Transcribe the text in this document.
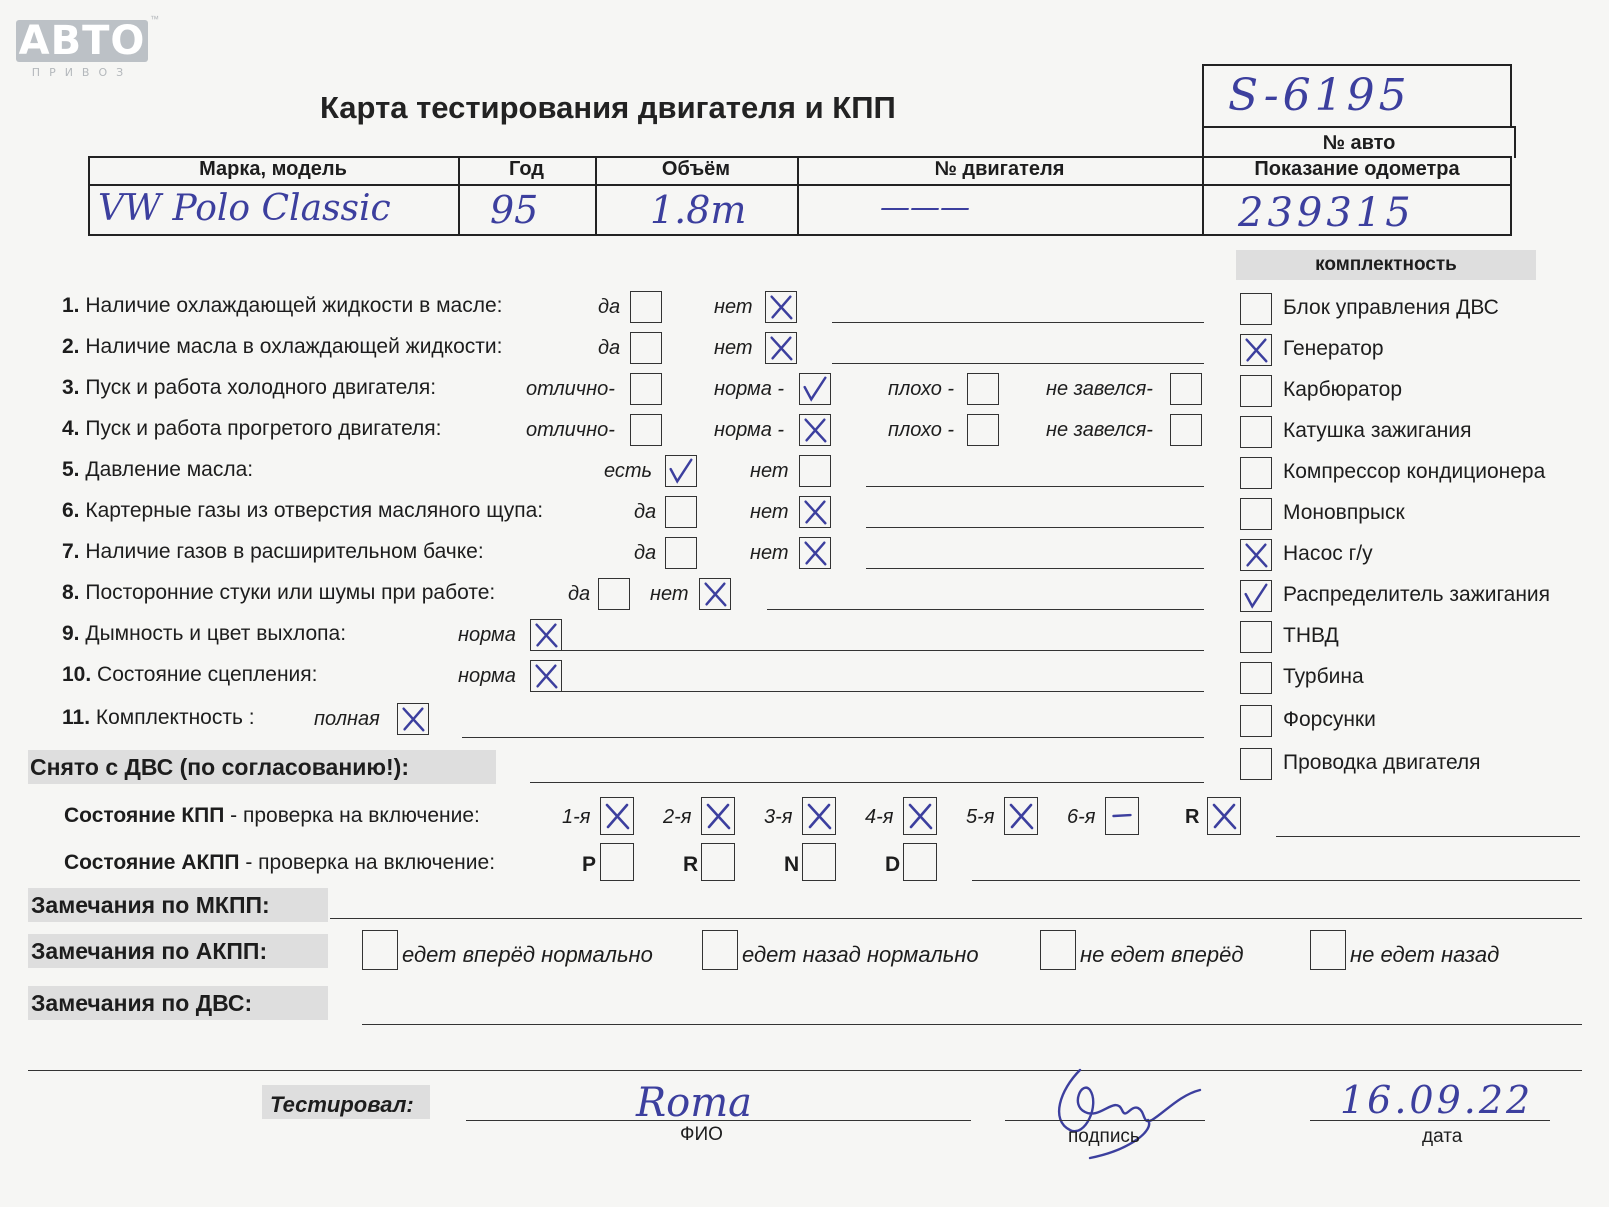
АВТО ™
ПРИВОЗ
Карта тестирования двигателя и КПП	S-6195
№ авто
Марка, модель	Год	Объём	№ двигателя	Показание одометра
VW Polo Classic	95	1.8m	———	239315
комплектность
1. Наличие охлаждающей жидкости в масле:	да	нет
2. Наличие масла в охлаждающей жидкости:	да	нет
3. Пуск и работа холодного двигателя:	отлично-	норма -	плохо -	не завелся-
4. Пуск и работа прогретого двигателя:	отлично-	норма -	плохо -	не завелся-
5. Давление масла:	есть	нет
6. Картерные газы из отверстия масляного щупа:	да	нет
7. Наличие газов в расширительном бачке:	да	нет
8. Посторонние стуки или шумы при работе:	да	нет
9. Дымность и цвет выхлопа:	норма
10. Состояние сцепления:	норма
11. Комплектность :	полная
Блок управления ДВС
Генератор
Карбюратор
Катушка зажигания
Компрессор кондиционера
Моновпрыск
Насос г/у
Распределитель зажигания
ТНВД
Турбина
Форсунки
Проводка двигателя
Снято с ДВС (по согласованию!):
Состояние КПП - проверка на включение:	1-я	2-я	3-я	4-я	5-я	6-я	R
Состояние АКПП - проверка на включение:	P	R	N	D
Замечания по МКПП:
Замечания по АКПП:	едет вперёд нормально	едет назад нормально	не едет вперёд	не едет назад
Замечания по ДВС:
Тестировал:	Roma
ФИО	подпись
16.09.22
дата
